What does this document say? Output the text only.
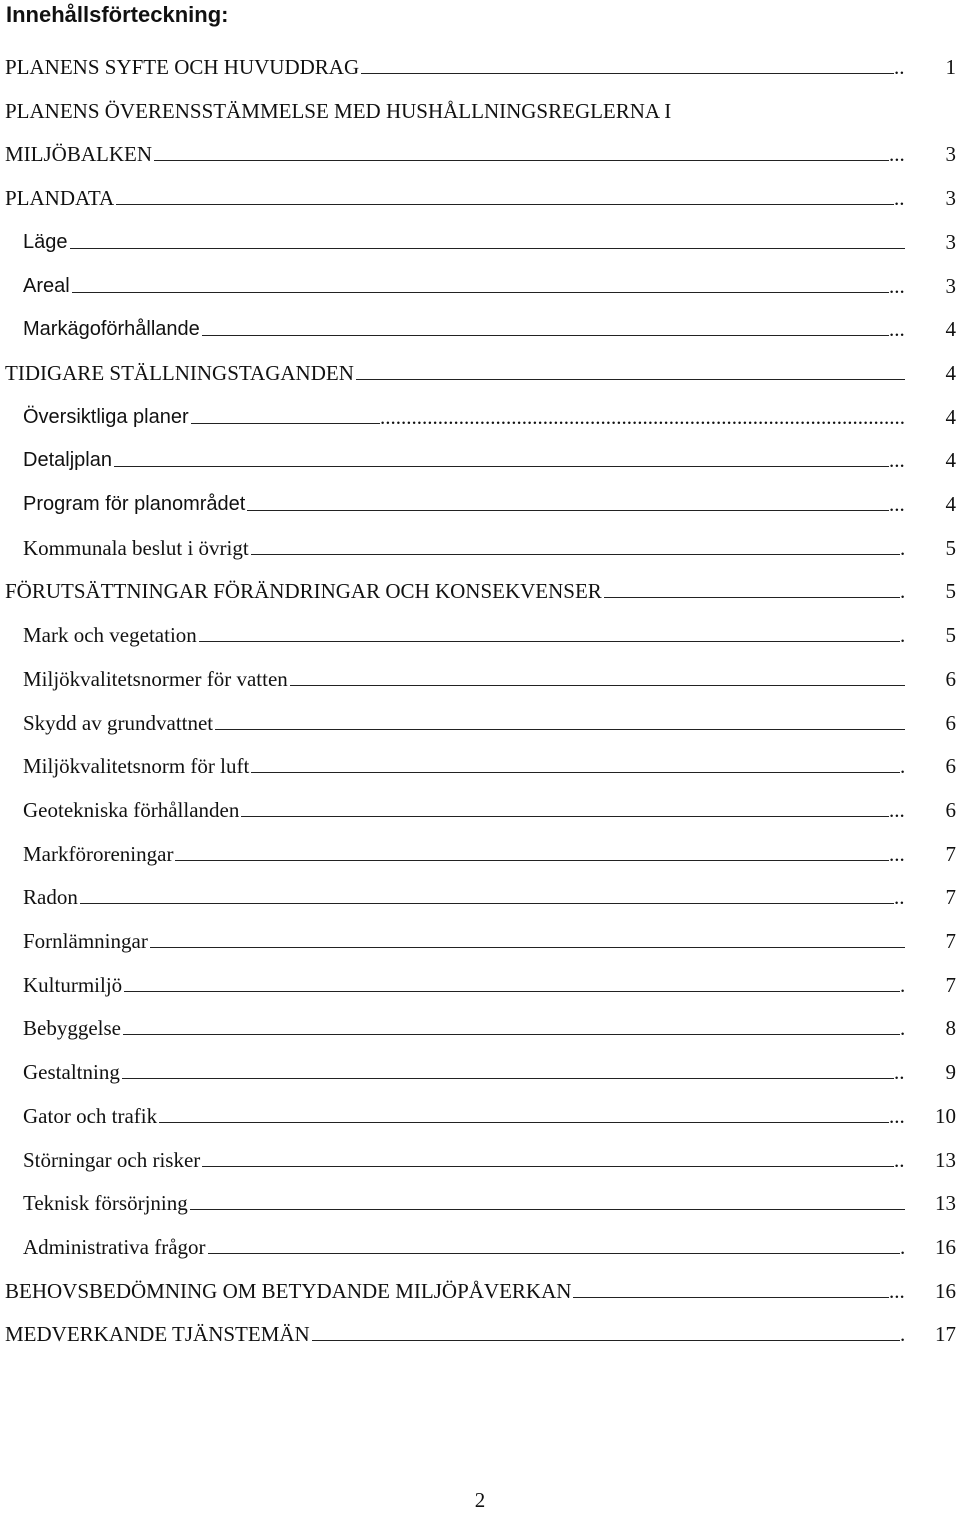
Innehållsförteckning:
PLANENS SYFTE OCH HUVUDDRAG	.. 1
PLANENS ÖVERENSSTÄMMELSE MED HUSHÅLLNINGSREGLERNA I
MILJÖBALKEN	... 3
PLANDATA	.. 3
Läge	3
Areal	... 3
Markägoförhållande	... 4
TIDIGARE STÄLLNINGSTAGANDEN	4
Översiktliga planer	.................................................................................................... 4
Detaljplan	... 4
Program för planområdet	... 4
Kommunala beslut i övrigt	. 5
FÖRUTSÄTTNINGAR FÖRÄNDRINGAR OCH KONSEKVENSER	. 5
Mark och vegetation	. 5
Miljökvalitetsnormer för vatten	6
Skydd av grundvattnet	6
Miljökvalitetsnorm för luft	. 6
Geotekniska förhållanden	... 6
Markföroreningar	... 7
Radon	.. 7
Fornlämningar	7
Kulturmiljö	. 7
Bebyggelse	. 8
Gestaltning	.. 9
Gator och trafik	... 10
Störningar och risker	.. 13
Teknisk försörjning	13
Administrativa frågor	. 16
BEHOVSBEDÖMNING OM BETYDANDE MILJÖPÅVERKAN	... 16
MEDVERKANDE TJÄNSTEMÄN	. 17
2
